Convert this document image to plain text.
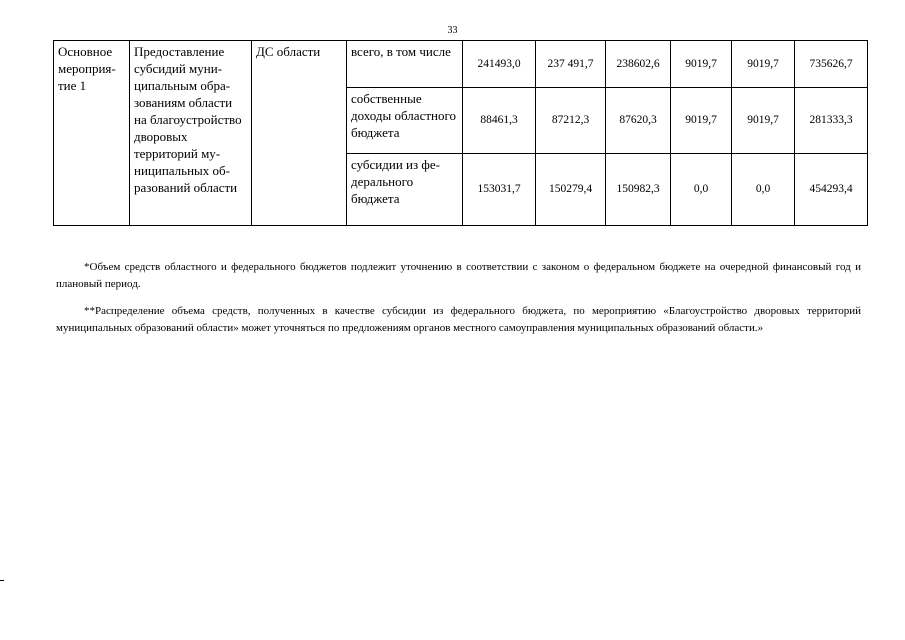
33
Основное мероприятие 1	Предоставление субсидий муниципальным образованиям области на благоустройство дворовых территорий муниципальных образований области	ДС области	всего, в том числе	241493,0	237 491,7	238602,6	9019,7	9019,7	735626,7
			собственные доходы областного бюджета	88461,3	87212,3	87620,3	9019,7	9019,7	281333,3
			субсидии из федерального бюджета	153031,7	150279,4	150982,3	0,0	0,0	454293,4

*Объем средств областного и федерального бюджетов подлежит уточнению в соответствии с законом о федеральном бюджете на очередной финансовый год и плановый период.

**Распределение объема средств, полученных в качестве субсидии из федерального бюджета, по мероприятию «Благоустройство дворовых территорий муниципальных образований области» может уточняться по предложениям органов местного самоуправления муниципальных образований области.»
